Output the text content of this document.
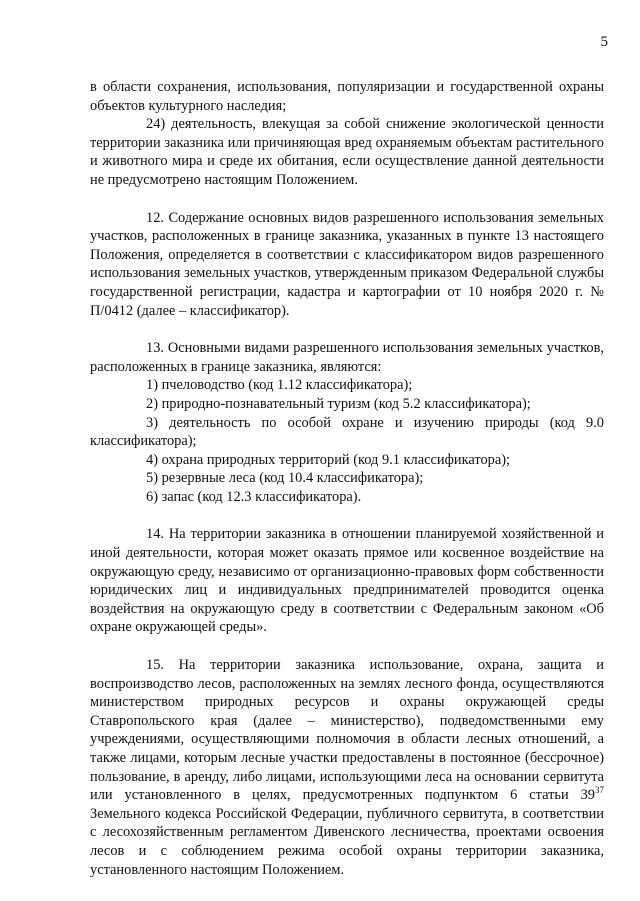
5

в области сохранения, использования, популяризации и государственной охраны объектов культурного наследия;

24) деятельность, влекущая за собой снижение экологической ценности территории заказника или причиняющая вред охраняемым объектам растительного и животного мира и среде их обитания, если осуществление данной деятельности не предусмотрено настоящим Положением.

12. Содержание основных видов разрешенного использования земельных участков, расположенных в границе заказника, указанных в пункте 13 настоящего Положения, определяется в соответствии с классификатором видов разрешенного использования земельных участков, утвержденным приказом Федеральной службы государственной регистрации, кадастра и картографии от 10 ноября 2020 г. № П/0412 (далее – классификатор).

13. Основными видами разрешенного использования земельных участков, расположенных в границе заказника, являются:

1) пчеловодство (код 1.12 классификатора);

2) природно-познавательный туризм (код 5.2 классификатора);

3) деятельность по особой охране и изучению природы (код 9.0 классификатора);

4) охрана природных территорий (код 9.1 классификатора);

5) резервные леса (код 10.4 классификатора);

6) запас (код 12.3 классификатора).

14. На территории заказника в отношении планируемой хозяйственной и иной деятельности, которая может оказать прямое или косвенное воздействие на окружающую среду, независимо от организационно-правовых форм собственности юридических лиц и индивидуальных предпринимателей проводится оценка воздействия на окружающую среду в соответствии с Федеральным законом «Об охране окружающей среды».

15. На территории заказника использование, охрана, защита и воспроизводство лесов, расположенных на землях лесного фонда, осуществляются министерством природных ресурсов и охраны окружающей среды Ставропольского края (далее – министерство), подведомственными ему учреждениями, осуществляющими полномочия в области лесных отношений, а также лицами, которым лесные участки предоставлены в постоянное (бессрочное) пользование, в аренду, либо лицами, использующими леса на основании сервитута или установленного в целях, предусмотренных подпунктом 6 статьи $39^{37}$ Земельного кодекса Российской Федерации, публичного сервитута, в соответствии с лесохозяйственным регламентом Дивенского лесничества, проектами освоения лесов и с соблюдением режима особой охраны территории заказника, установленного настоящим Положением.
